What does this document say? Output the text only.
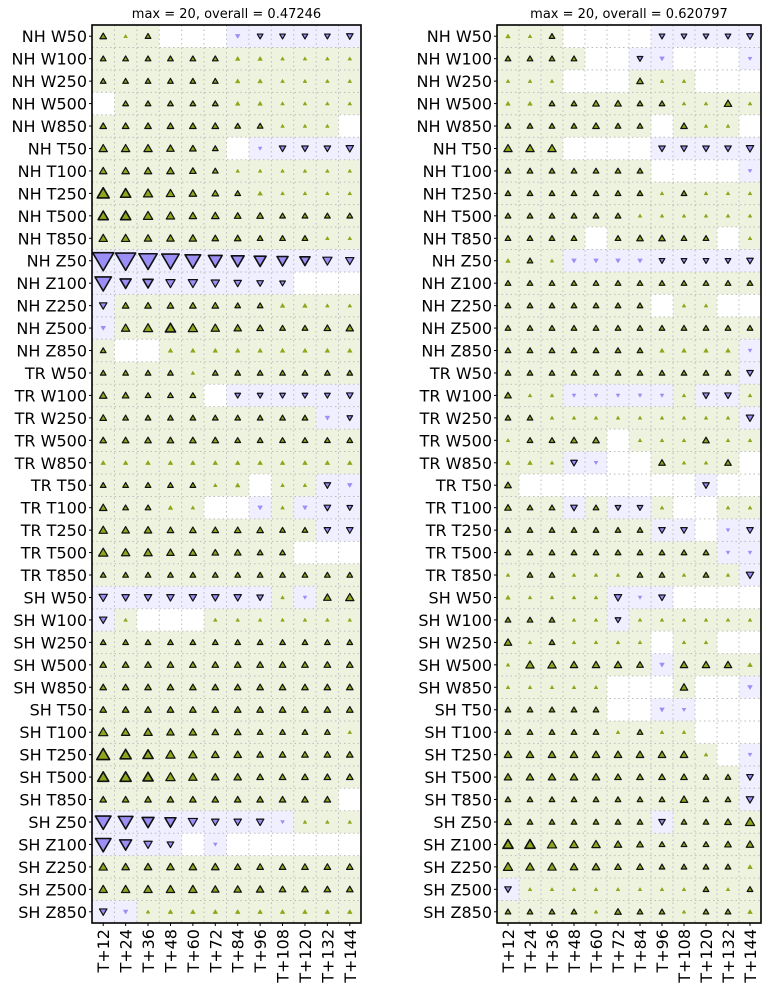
max = 20, overall = 0.47246
NH W50
NH W100
NH W250
NH W500
NH W850
NH T50
NH T100
NH T250
NH T500
NH T850
NH Z50
NH Z100
NH Z250
NH Z500
NH Z850
TR W50
TR W100
TR W250
TR W500
TR W850
TR T50
TR T100
TR T250
TR T500
TR T850
SH W50
SH W100
SH W250
SH W500
SH W850
SH T50
SH T100
SH T250
SH T500
SH T850
SH Z50
SH Z100
SH Z250
SH Z500
SH Z850
T+12 T+24 T+36 T+48 T+60 T+72 T+84 T+96 T+108 T+120 T+132 T+144
max = 20, overall = 0.620797
NH W50
NH W100
NH W250
NH W500
NH W850
NH T50
NH T100
NH T250
NH T500
NH T850
NH Z50
NH Z100
NH Z250
NH Z500
NH Z850
TR W50
TR W100
TR W250
TR W500
TR W850
TR T50
TR T100
TR T250
TR T500
TR T850
SH W50
SH W100
SH W250
SH W500
SH W850
SH T50
SH T100
SH T250
SH T500
SH T850
SH Z50
SH Z100
SH Z250
SH Z500
SH Z850
T+12 T+24 T+36 T+48 T+60 T+72 T+84 T+96 T+108 T+120 T+132 T+144
